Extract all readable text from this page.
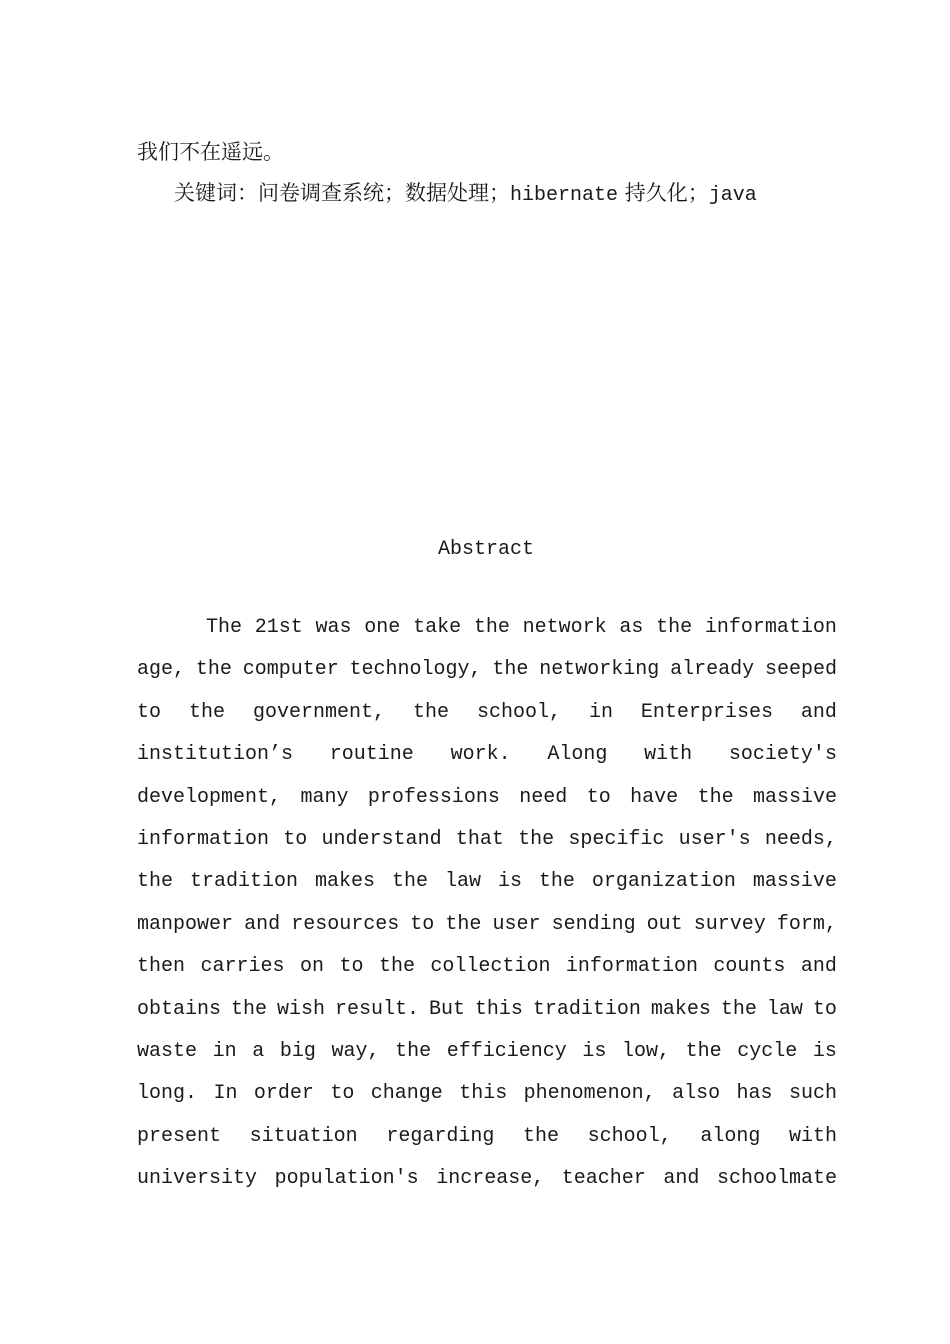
我们不在遥远。
关键词：问卷调查系统；数据处理；hibernate 持久化；java
Abstract
The 21st was one take the network as the information
age, the computer technology, the networking already seeped
to the government, the school, in Enterprises and
institution’s routine work. Along with society's
development, many professions need to have the massive
information to understand that the specific user's needs,
the tradition makes the law is the organization massive
manpower and resources to the user sending out survey form,
then carries on to the collection information counts and
obtains the wish result. But this tradition makes the law to
waste in a big way, the efficiency is low, the cycle is
long. In order to change this phenomenon, also has such
present situation regarding the school, along with
university population's increase, teacher and schoolmate
